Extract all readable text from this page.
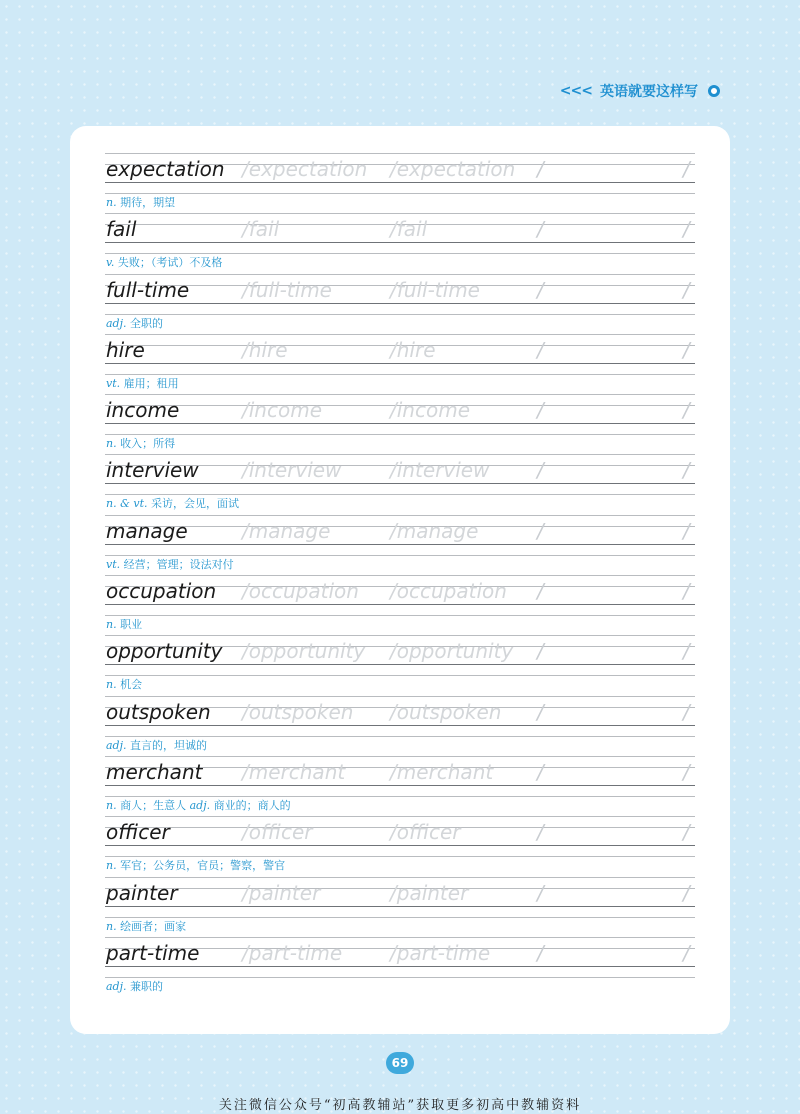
<<< 英语就要这样写
expectation /expectation /expectation /	/
n. 期待，期望
fail	/fail	/fail	/	/
v. 失败；（考试）不及格
full-time	/full-time	/full-time	/	/
adj. 全职的
hire	/hire	/hire	/	/
vt. 雇用；租用
income	/income	/income	/	/
n. 收入；所得
interview /interview /interview /	/
n. & vt. 采访，会见，面试
manage	/manage	/manage	/	/
vt. 经营；管理；设法对付
occupation /occupation /occupation /	/
n. 职业
opportunity /opportunity /opportunity /	/
n. 机会
outspoken /outspoken /outspoken /	/
adj. 直言的，坦诚的
merchant /merchant /merchant /	/
n. 商人；生意人 adj. 商业的；商人的
officer	/officer	/officer	/	/
n. 军官；公务员，官员；警察，警官
painter	/painter	/painter	/	/
n. 绘画者；画家
part-time /part-time /part-time /	/
adj. 兼职的
69
关注微信公众号“初高教辅站”获取更多初高中教辅资料
